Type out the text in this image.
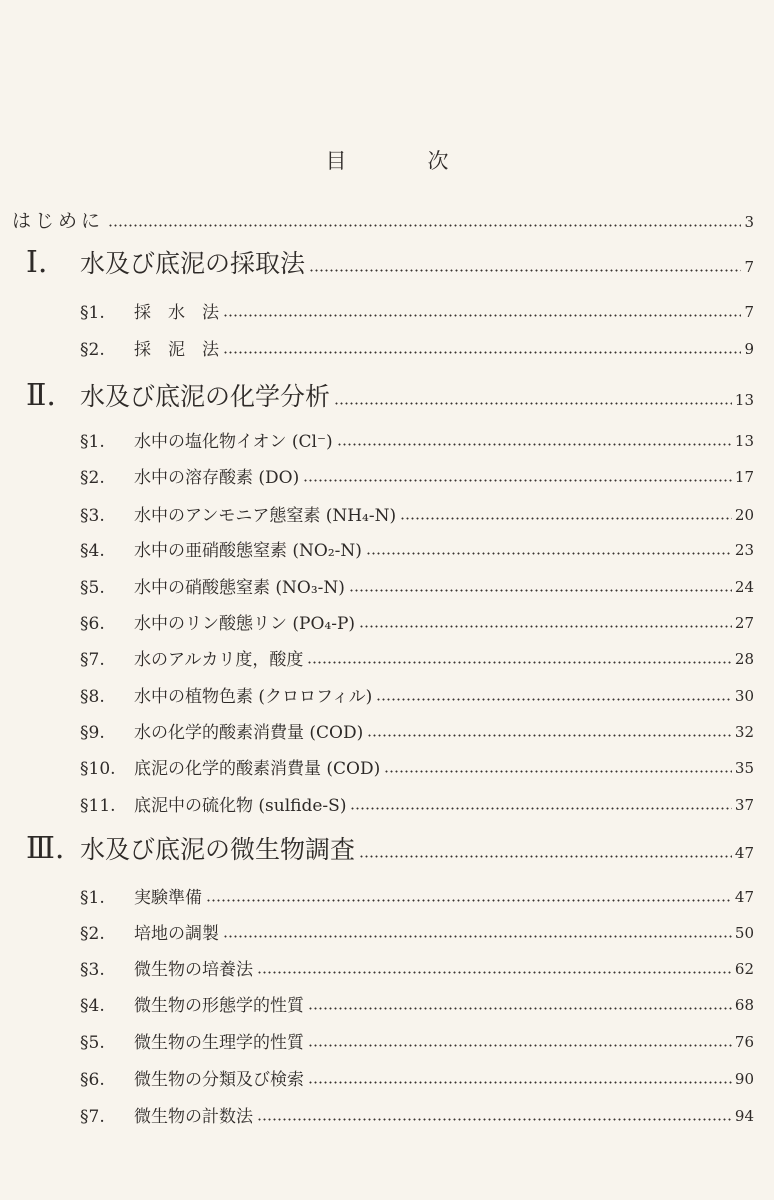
目　次
はじめに	3
Ⅰ. 水及び底泥の採取法	7
§1. 採　水　法	7
§2. 採　泥　法	9
Ⅱ. 水及び底泥の化学分析	13
§1. 水中の塩化物イオン (Cl⁻)	13
§2. 水中の溶存酸素 (DO)	17
§3. 水中のアンモニア態窒素 (NH₄-N)	20
§4. 水中の亜硝酸態窒素 (NO₂-N)	23
§5. 水中の硝酸態窒素 (NO₃-N)	24
§6. 水中のリン酸態リン (PO₄-P)	27
§7. 水のアルカリ度，酸度	28
§8. 水中の植物色素 (クロロフィル)	30
§9. 水の化学的酸素消費量 (COD)	32
§10. 底泥の化学的酸素消費量 (COD)	35
§11. 底泥中の硫化物 (sulfide-S)	37
Ⅲ. 水及び底泥の微生物調査	47
§1. 実験準備	47
§2. 培地の調製	50
§3. 微生物の培養法	62
§4. 微生物の形態学的性質	68
§5. 微生物の生理学的性質	76
§6. 微生物の分類及び検索	90
§7. 微生物の計数法	94
